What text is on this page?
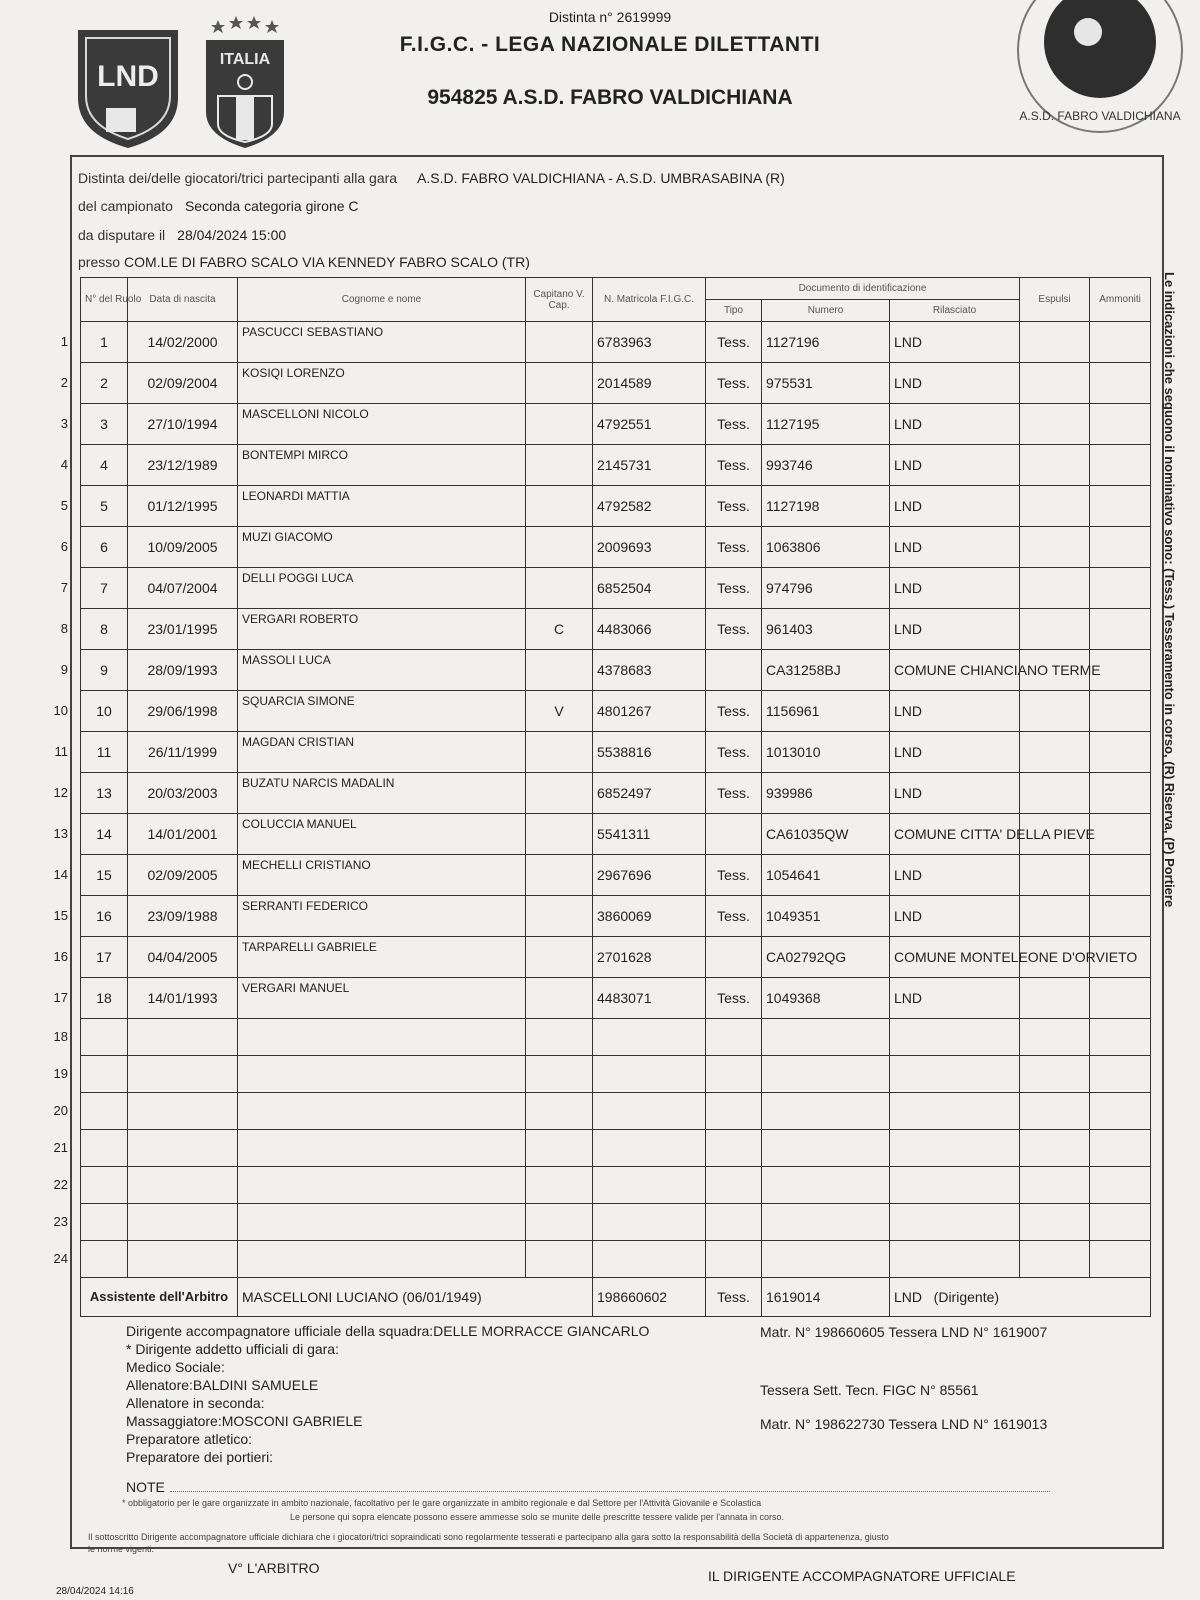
LND
ITALIA
A.S.D. FABRO VALDICHIANA
Distinta n° 2619999
F.I.G.C. - LEGA NAZIONALE DILETTANTI
954825 A.S.D. FABRO VALDICHIANA
Distinta dei/delle giocatori/trici partecipanti alla gara A.S.D. FABRO VALDICHIANA - A.S.D. UMBRASABINA (R)
del campionato Seconda categoria girone C
da disputare il 28/04/2024 15:00
presso COM.LE DI FABRO SCALO VIA KENNEDY FABRO SCALO (TR)
Le indicazioni che seguono il nominativo sono: (Tess.) Tesseramento in corso, (R) Riserva, (P) Portiere
1
2
3
4
5
6
7
8
9
10
11
12
13
14
15
16
17
18
19
20
21
22
23
24
N° del Ruolo	Data di nascita	Cognome e nome	Capitano V. Cap.	N. Matricola F.I.G.C.	Documento di identificazione			Espulsi	Ammoniti
					Tipo	Numero	Rilasciato		
1	14/02/2000	PASCUCCI SEBASTIANO		6783963	Tess.	1127196	LND		
2	02/09/2004	KOSIQI LORENZO		2014589	Tess.	975531	LND		
3	27/10/1994	MASCELLONI NICOLO		4792551	Tess.	1127195	LND		
4	23/12/1989	BONTEMPI MIRCO		2145731	Tess.	993746	LND		
5	01/12/1995	LEONARDI MATTIA		4792582	Tess.	1127198	LND		
6	10/09/2005	MUZI GIACOMO		2009693	Tess.	1063806	LND		
7	04/07/2004	DELLI POGGI LUCA		6852504	Tess.	974796	LND		
8	23/01/1995	VERGARI ROBERTO	C	4483066	Tess.	961403	LND		
9	28/09/1993	MASSOLI LUCA		4378683		CA31258BJ	COMUNE CHIANCIANO TERME		
10	29/06/1998	SQUARCIA SIMONE	V	4801267	Tess.	1156961	LND		
11	26/11/1999	MAGDAN CRISTIAN		5538816	Tess.	1013010	LND		
13	20/03/2003	BUZATU NARCIS MADALIN		6852497	Tess.	939986	LND		
14	14/01/2001	COLUCCIA MANUEL		5541311		CA61035QW	COMUNE CITTA' DELLA PIEVE		
15	02/09/2005	MECHELLI CRISTIANO		2967696	Tess.	1054641	LND		
16	23/09/1988	SERRANTI FEDERICO		3860069	Tess.	1049351	LND		
17	04/04/2005	TARPARELLI GABRIELE		2701628		CA02792QG	COMUNE MONTELEONE D'ORVIETO		
18	14/01/1993	VERGARI MANUEL		4483071	Tess.	1049368	LND		

Assistente dell'Arbitro		MASCELLONI LUCIANO (06/01/1949)		198660602	Tess.	1619014	LND   (Dirigente)		
Dirigente accompagnatore ufficiale della squadra:DELLE MORRACCE GIANCARLO
* Dirigente addetto ufficiali di gara:
Medico Sociale:
Allenatore:BALDINI SAMUELE
Allenatore in seconda:
Massaggiatore:MOSCONI GABRIELE
Preparatore atletico:
Preparatore dei portieri:
Matr. N° 198660605 Tessera LND N° 1619007
Tessera Sett. Tecn. FIGC N° 85561
Matr. N° 198622730 Tessera LND N° 1619013
NOTE
* obbligatorio per le gare organizzate in ambito nazionale, facoltativo per le gare organizzate in ambito regionale e dal Settore per l'Attività Giovanile e Scolastica
Le persone qui sopra elencate possono essere ammesse solo se munite delle prescritte tessere valide per l'annata in corso.
Il sottoscritto Dirigente accompagnatore ufficiale dichiara che i giocatori/trici sopraindicati sono regolarmente tesserati e partecipano alla gara sotto la responsabilità della Società di appartenenza, giusto
le norme vigenti.
V° L'ARBITRO	IL DIRIGENTE ACCOMPAGNATORE UFFICIALE
28/04/2024 14:16
